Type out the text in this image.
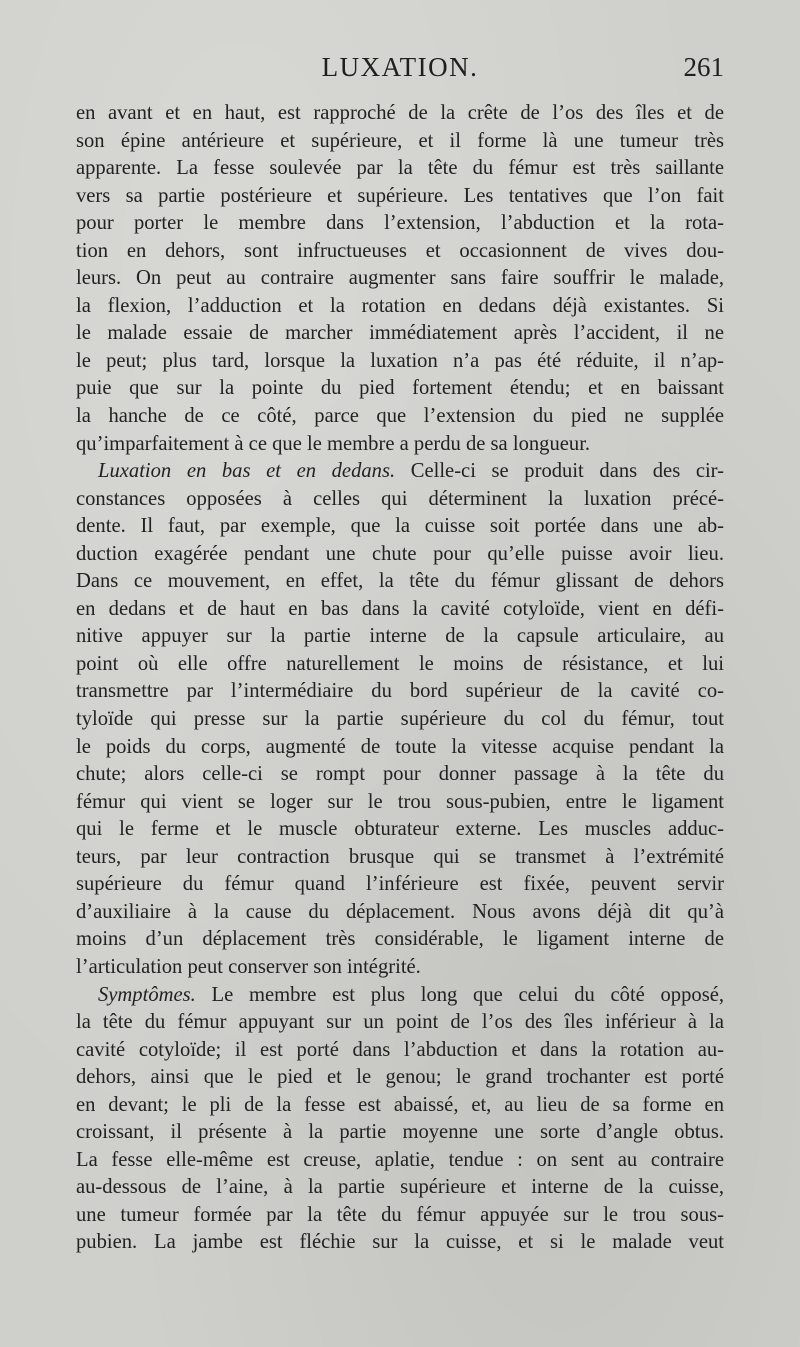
LUXATION.	261
en avant et en haut, est rapproché de la crête de l’os des îles et de
son épine antérieure et supérieure, et il forme là une tumeur très
apparente. La fesse soulevée par la tête du fémur est très saillante
vers sa partie postérieure et supérieure. Les tentatives que l’on fait
pour porter le membre dans l’extension, l’abduction et la rota-
tion en dehors, sont infructueuses et occasionnent de vives dou-
leurs. On peut au contraire augmenter sans faire souffrir le malade,
la flexion, l’adduction et la rotation en dedans déjà existantes. Si
le malade essaie de marcher immédiatement après l’accident, il ne
le peut; plus tard, lorsque la luxation n’a pas été réduite, il n’ap-
puie que sur la pointe du pied fortement étendu; et en baissant
la hanche de ce côté, parce que l’extension du pied ne supplée
qu’imparfaitement à ce que le membre a perdu de sa longueur.
Luxation en bas et en dedans. Celle-ci se produit dans des cir-
constances opposées à celles qui déterminent la luxation précé-
dente. Il faut, par exemple, que la cuisse soit portée dans une ab-
duction exagérée pendant une chute pour qu’elle puisse avoir lieu.
Dans ce mouvement, en effet, la tête du fémur glissant de dehors
en dedans et de haut en bas dans la cavité cotyloïde, vient en défi-
nitive appuyer sur la partie interne de la capsule articulaire, au
point où elle offre naturellement le moins de résistance, et lui
transmettre par l’intermédiaire du bord supérieur de la cavité co-
tyloïde qui presse sur la partie supérieure du col du fémur, tout
le poids du corps, augmenté de toute la vitesse acquise pendant la
chute; alors celle-ci se rompt pour donner passage à la tête du
fémur qui vient se loger sur le trou sous-pubien, entre le ligament
qui le ferme et le muscle obturateur externe. Les muscles adduc-
teurs, par leur contraction brusque qui se transmet à l’extrémité
supérieure du fémur quand l’inférieure est fixée, peuvent servir
d’auxiliaire à la cause du déplacement. Nous avons déjà dit qu’à
moins d’un déplacement très considérable, le ligament interne de
l’articulation peut conserver son intégrité.
Symptômes. Le membre est plus long que celui du côté opposé,
la tête du fémur appuyant sur un point de l’os des îles inférieur à la
cavité cotyloïde; il est porté dans l’abduction et dans la rotation au-
dehors, ainsi que le pied et le genou; le grand trochanter est porté
en devant; le pli de la fesse est abaissé, et, au lieu de sa forme en
croissant, il présente à la partie moyenne une sorte d’angle obtus.
La fesse elle-même est creuse, aplatie, tendue : on sent au contraire
au-dessous de l’aine, à la partie supérieure et interne de la cuisse,
une tumeur formée par la tête du fémur appuyée sur le trou sous-
pubien. La jambe est fléchie sur la cuisse, et si le malade veut
